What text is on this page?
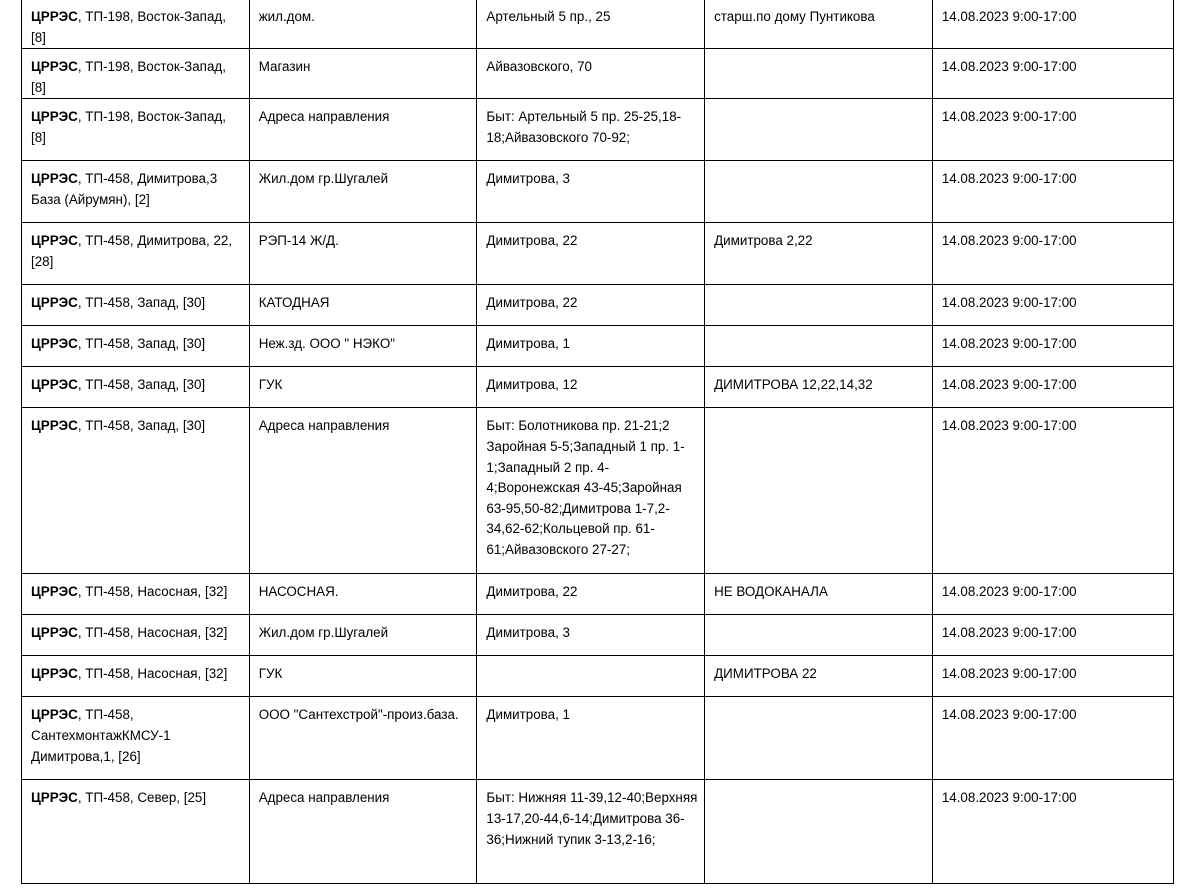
ЦРРЭС, ТП-198, Восток-Запад, [8]	жил.дом.	Артельный 5 пр., 25	старш.по дому Пунтикова	14.08.2023 9:00-17:00
ЦРРЭС, ТП-198, Восток-Запад, [8]	Магазин	Айвазовского, 70		14.08.2023 9:00-17:00
ЦРРЭС, ТП-198, Восток-Запад, [8]	Адреса направления	Быт: Артельный 5 пр. 25-25,18-18;Айвазовского 70-92;		14.08.2023 9:00-17:00
ЦРРЭС, ТП-458, Димитрова,3 База (Айрумян), [2]	Жил.дом гр.Шугалей	Димитрова, 3		14.08.2023 9:00-17:00
ЦРРЭС, ТП-458, Димитрова, 22, [28]	РЭП-14 Ж/Д.	Димитрова, 22	Димитрова 2,22	14.08.2023 9:00-17:00
ЦРРЭС, ТП-458, Запад, [30]	КАТОДНАЯ	Димитрова, 22		14.08.2023 9:00-17:00
ЦРРЭС, ТП-458, Запад, [30]	Неж.зд. ООО " НЭКО"	Димитрова, 1		14.08.2023 9:00-17:00
ЦРРЭС, ТП-458, Запад, [30]	ГУК	Димитрова, 12	ДИМИТРОВА 12,22,14,32	14.08.2023 9:00-17:00
ЦРРЭС, ТП-458, Запад, [30]	Адреса направления	Быт: Болотникова пр. 21-21;2 Заройная 5-5;Западный 1 пр. 1-1;Западный 2 пр. 4-4;Воронежская 43-45;Заройная 63-95,50-82;Димитрова 1-7,2-34,62-62;Кольцевой пр. 61-61;Айвазовского 27-27;		14.08.2023 9:00-17:00
ЦРРЭС, ТП-458, Насосная, [32]	НАСОСНАЯ.	Димитрова, 22	НЕ ВОДОКАНАЛА	14.08.2023 9:00-17:00
ЦРРЭС, ТП-458, Насосная, [32]	Жил.дом гр.Шугалей	Димитрова, 3		14.08.2023 9:00-17:00
ЦРРЭС, ТП-458, Насосная, [32]	ГУК		ДИМИТРОВА 22	14.08.2023 9:00-17:00
ЦРРЭС, ТП-458, СантехмонтажКМСУ-1 Димитрова,1, [26]	ООО "Сантехстрой"-произ.база.	Димитрова, 1		14.08.2023 9:00-17:00
ЦРРЭС, ТП-458, Север, [25]	Адреса направления	Быт: Нижняя 11-39,12-40;Верхняя 13-17,20-44,6-14;Димитрова 36-36;Нижний тупик 3-13,2-16;		14.08.2023 9:00-17:00
